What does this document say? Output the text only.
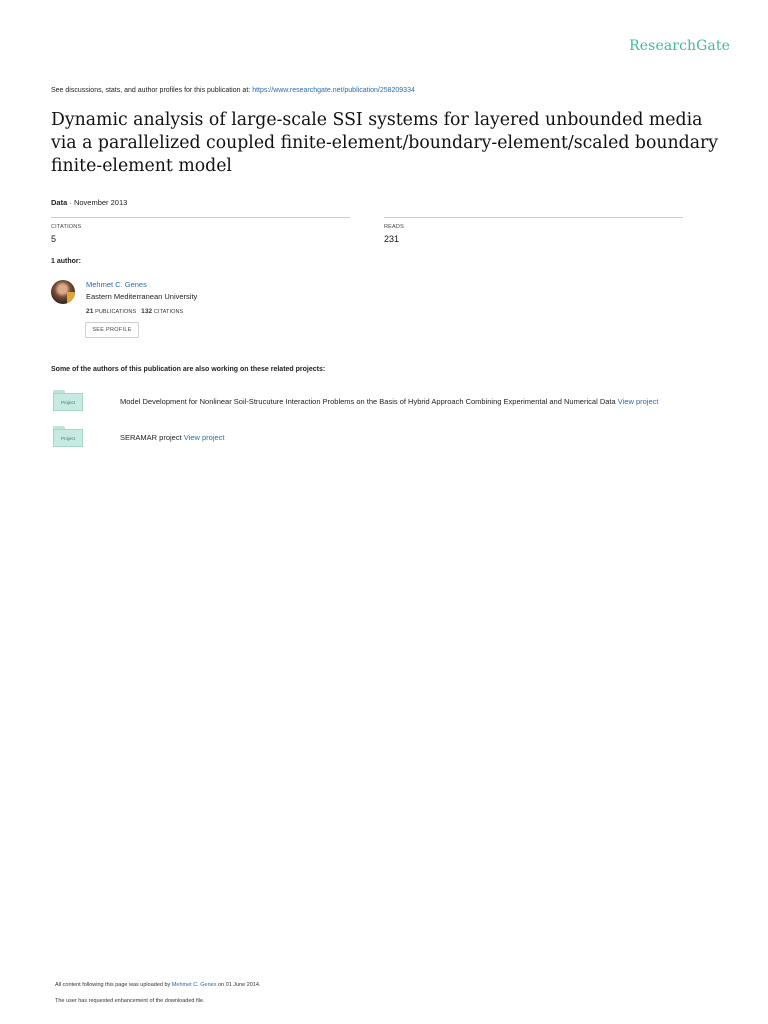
ResearchGate
See discussions, stats, and author profiles for this publication at: https://www.researchgate.net/publication/258209334
Dynamic analysis of large-scale SSI systems for layered unbounded media via a parallelized coupled finite-element/boundary-element/scaled boundary finite-element model
Data · November 2013
CITATIONS
5
READS
231
1 author:
Mehmet C. Genes
Eastern Mediterranean University
21 PUBLICATIONS 132 CITATIONS
SEE PROFILE
Some of the authors of this publication are also working on these related projects:
Project	Model Development for Nonlinear Soil-Strucuture Interaction Problems on the Basis of Hybrid Approach Combining Experimental and Numerical Data View project
Project	SERAMAR project View project
All content following this page was uploaded by Mehmet C. Genes on 01 June 2014.
The user has requested enhancement of the downloaded file.
